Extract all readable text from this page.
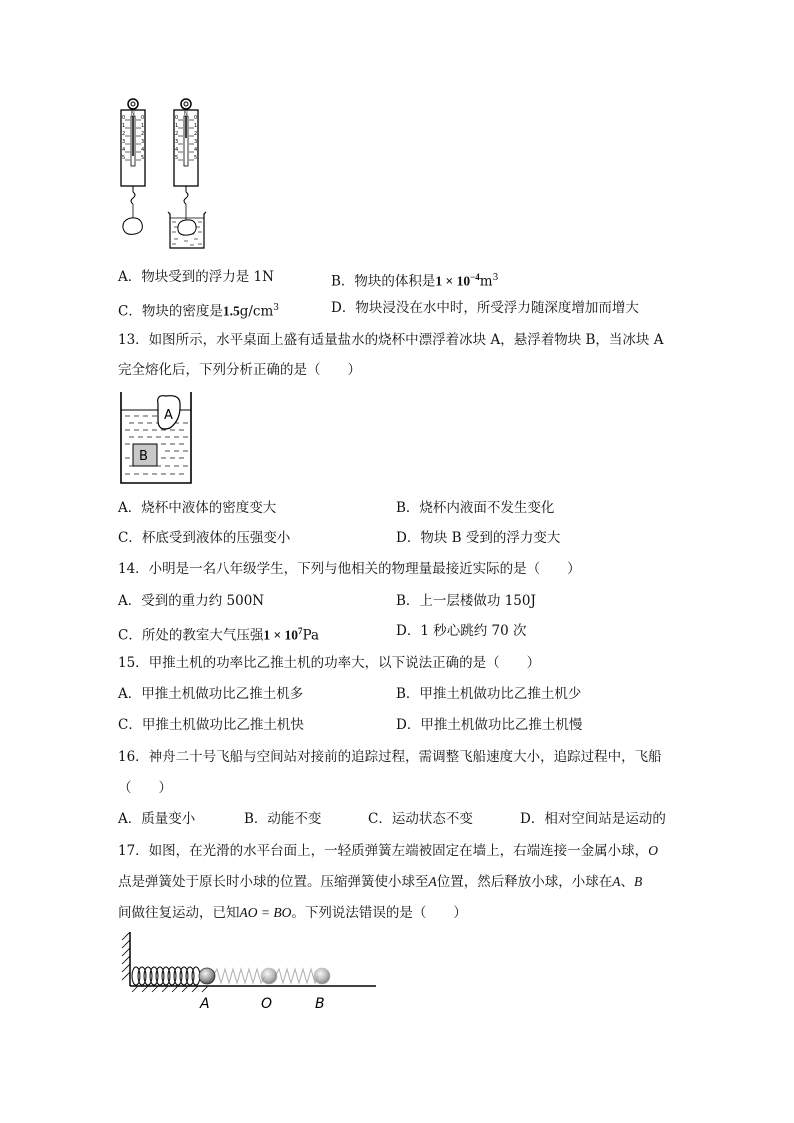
0
1
2
3
4
5
0
1
2
3
4
5
N
0
1
2
3
4
5
0
1
2
3
4
5
N
A．物块受到的浮力是 1N	B．物块的体积是$1 \times 10^{-4}m^3$
C．物块的密度是$1.5g/cm^3$	D．物块浸没在水中时，所受浮力随深度增加而增大
13．如图所示，水平桌面上盛有适量盐水的烧杯中漂浮着冰块 A，悬浮着物块 B，当冰块 A
完全熔化后，下列分析正确的是（　　）
A
B
A．烧杯中液体的密度变大	B．烧杯内液面不发生变化
C．杯底受到液体的压强变小	D．物块 B 受到的浮力变大
14．小明是一名八年级学生，下列与他相关的物理量最接近实际的是（　　）
A．受到的重力约 500N	B．上一层楼做功 150J
C．所处的教室大气压强$1 \times 10^7Pa$	D．1 秒心跳约 70 次
15．甲推土机的功率比乙推土机的功率大，以下说法正确的是（　　）
A．甲推土机做功比乙推土机多	B．甲推土机做功比乙推土机少
C．甲推土机做功比乙推土机快	D．甲推土机做功比乙推土机慢
16．神舟二十号飞船与空间站对接前的追踪过程，需调整飞船速度大小，追踪过程中，飞船
（　　）
A．质量变小	B．动能不变	C．运动状态不变	D．相对空间站是运动的
17．如图，在光滑的水平台面上，一轻质弹簧左端被固定在墙上，右端连接一金属小球，O
点是弹簧处于原长时小球的位置。压缩弹簧使小球至A位置，然后释放小球，小球在A、B
间做往复运动，已知AO = BO。下列说法错误的是（　　）
A	O	B
